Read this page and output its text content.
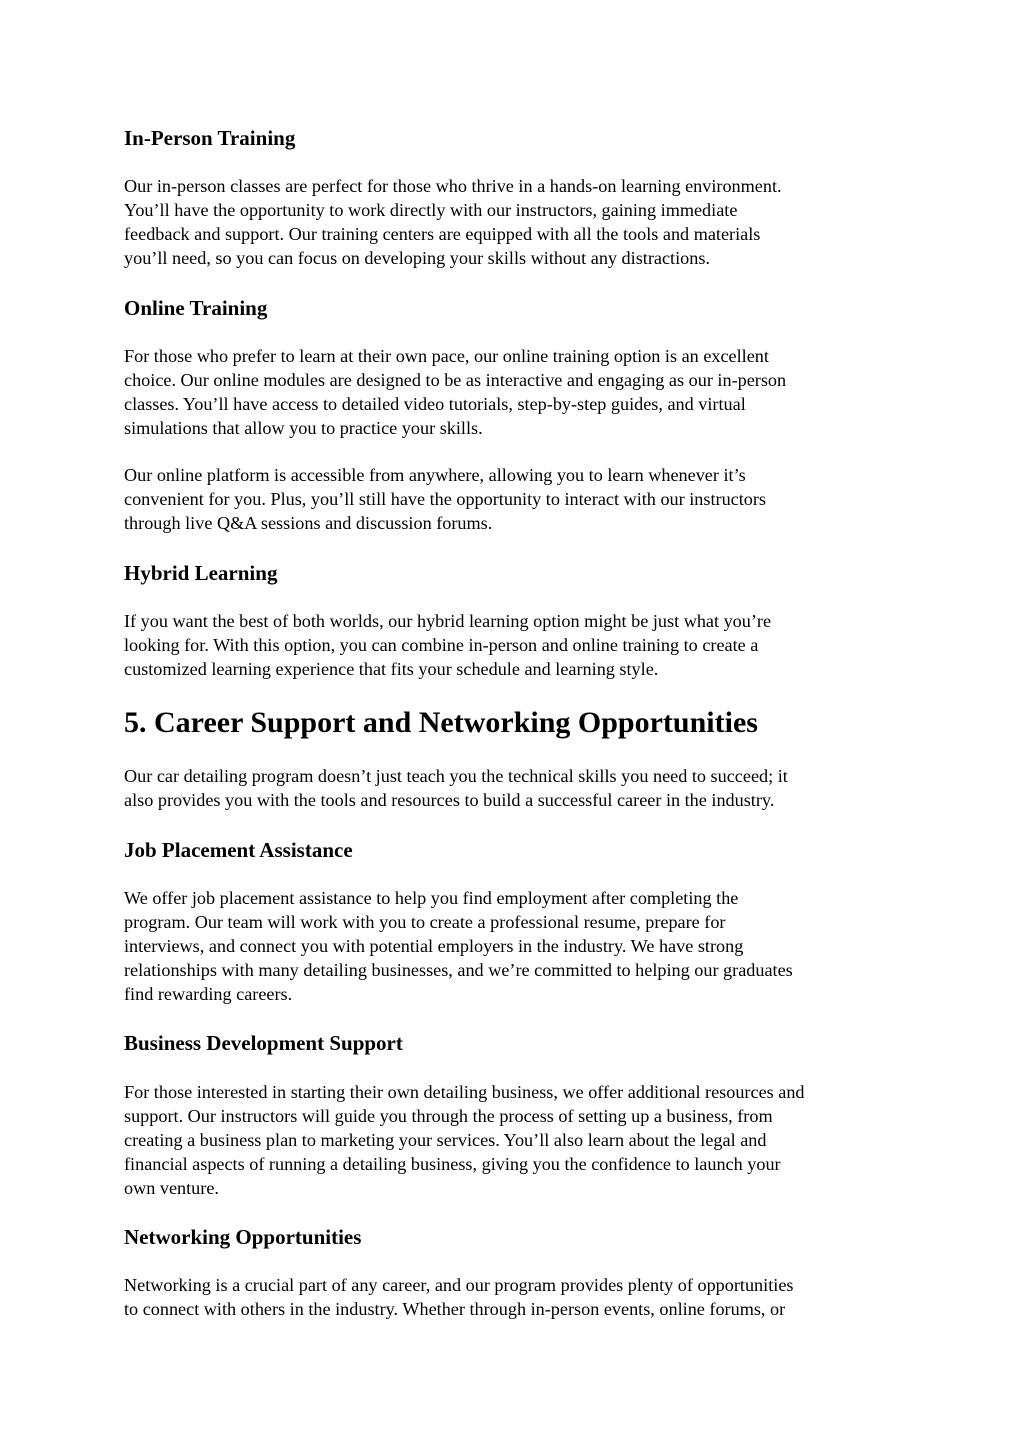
In-Person Training

Our in-person classes are perfect for those who thrive in a hands-on learning environment.
You’ll have the opportunity to work directly with our instructors, gaining immediate
feedback and support. Our training centers are equipped with all the tools and materials
you’ll need, so you can focus on developing your skills without any distractions.

Online Training

For those who prefer to learn at their own pace, our online training option is an excellent
choice. Our online modules are designed to be as interactive and engaging as our in-person
classes. You’ll have access to detailed video tutorials, step-by-step guides, and virtual
simulations that allow you to practice your skills.

Our online platform is accessible from anywhere, allowing you to learn whenever it’s
convenient for you. Plus, you’ll still have the opportunity to interact with our instructors
through live Q&A sessions and discussion forums.

Hybrid Learning

If you want the best of both worlds, our hybrid learning option might be just what you’re
looking for. With this option, you can combine in-person and online training to create a
customized learning experience that fits your schedule and learning style.

5. Career Support and Networking Opportunities

Our car detailing program doesn’t just teach you the technical skills you need to succeed; it
also provides you with the tools and resources to build a successful career in the industry.

Job Placement Assistance

We offer job placement assistance to help you find employment after completing the
program. Our team will work with you to create a professional resume, prepare for
interviews, and connect you with potential employers in the industry. We have strong
relationships with many detailing businesses, and we’re committed to helping our graduates
find rewarding careers.

Business Development Support

For those interested in starting their own detailing business, we offer additional resources and
support. Our instructors will guide you through the process of setting up a business, from
creating a business plan to marketing your services. You’ll also learn about the legal and
financial aspects of running a detailing business, giving you the confidence to launch your
own venture.

Networking Opportunities

Networking is a crucial part of any career, and our program provides plenty of opportunities
to connect with others in the industry. Whether through in-person events, online forums, or
